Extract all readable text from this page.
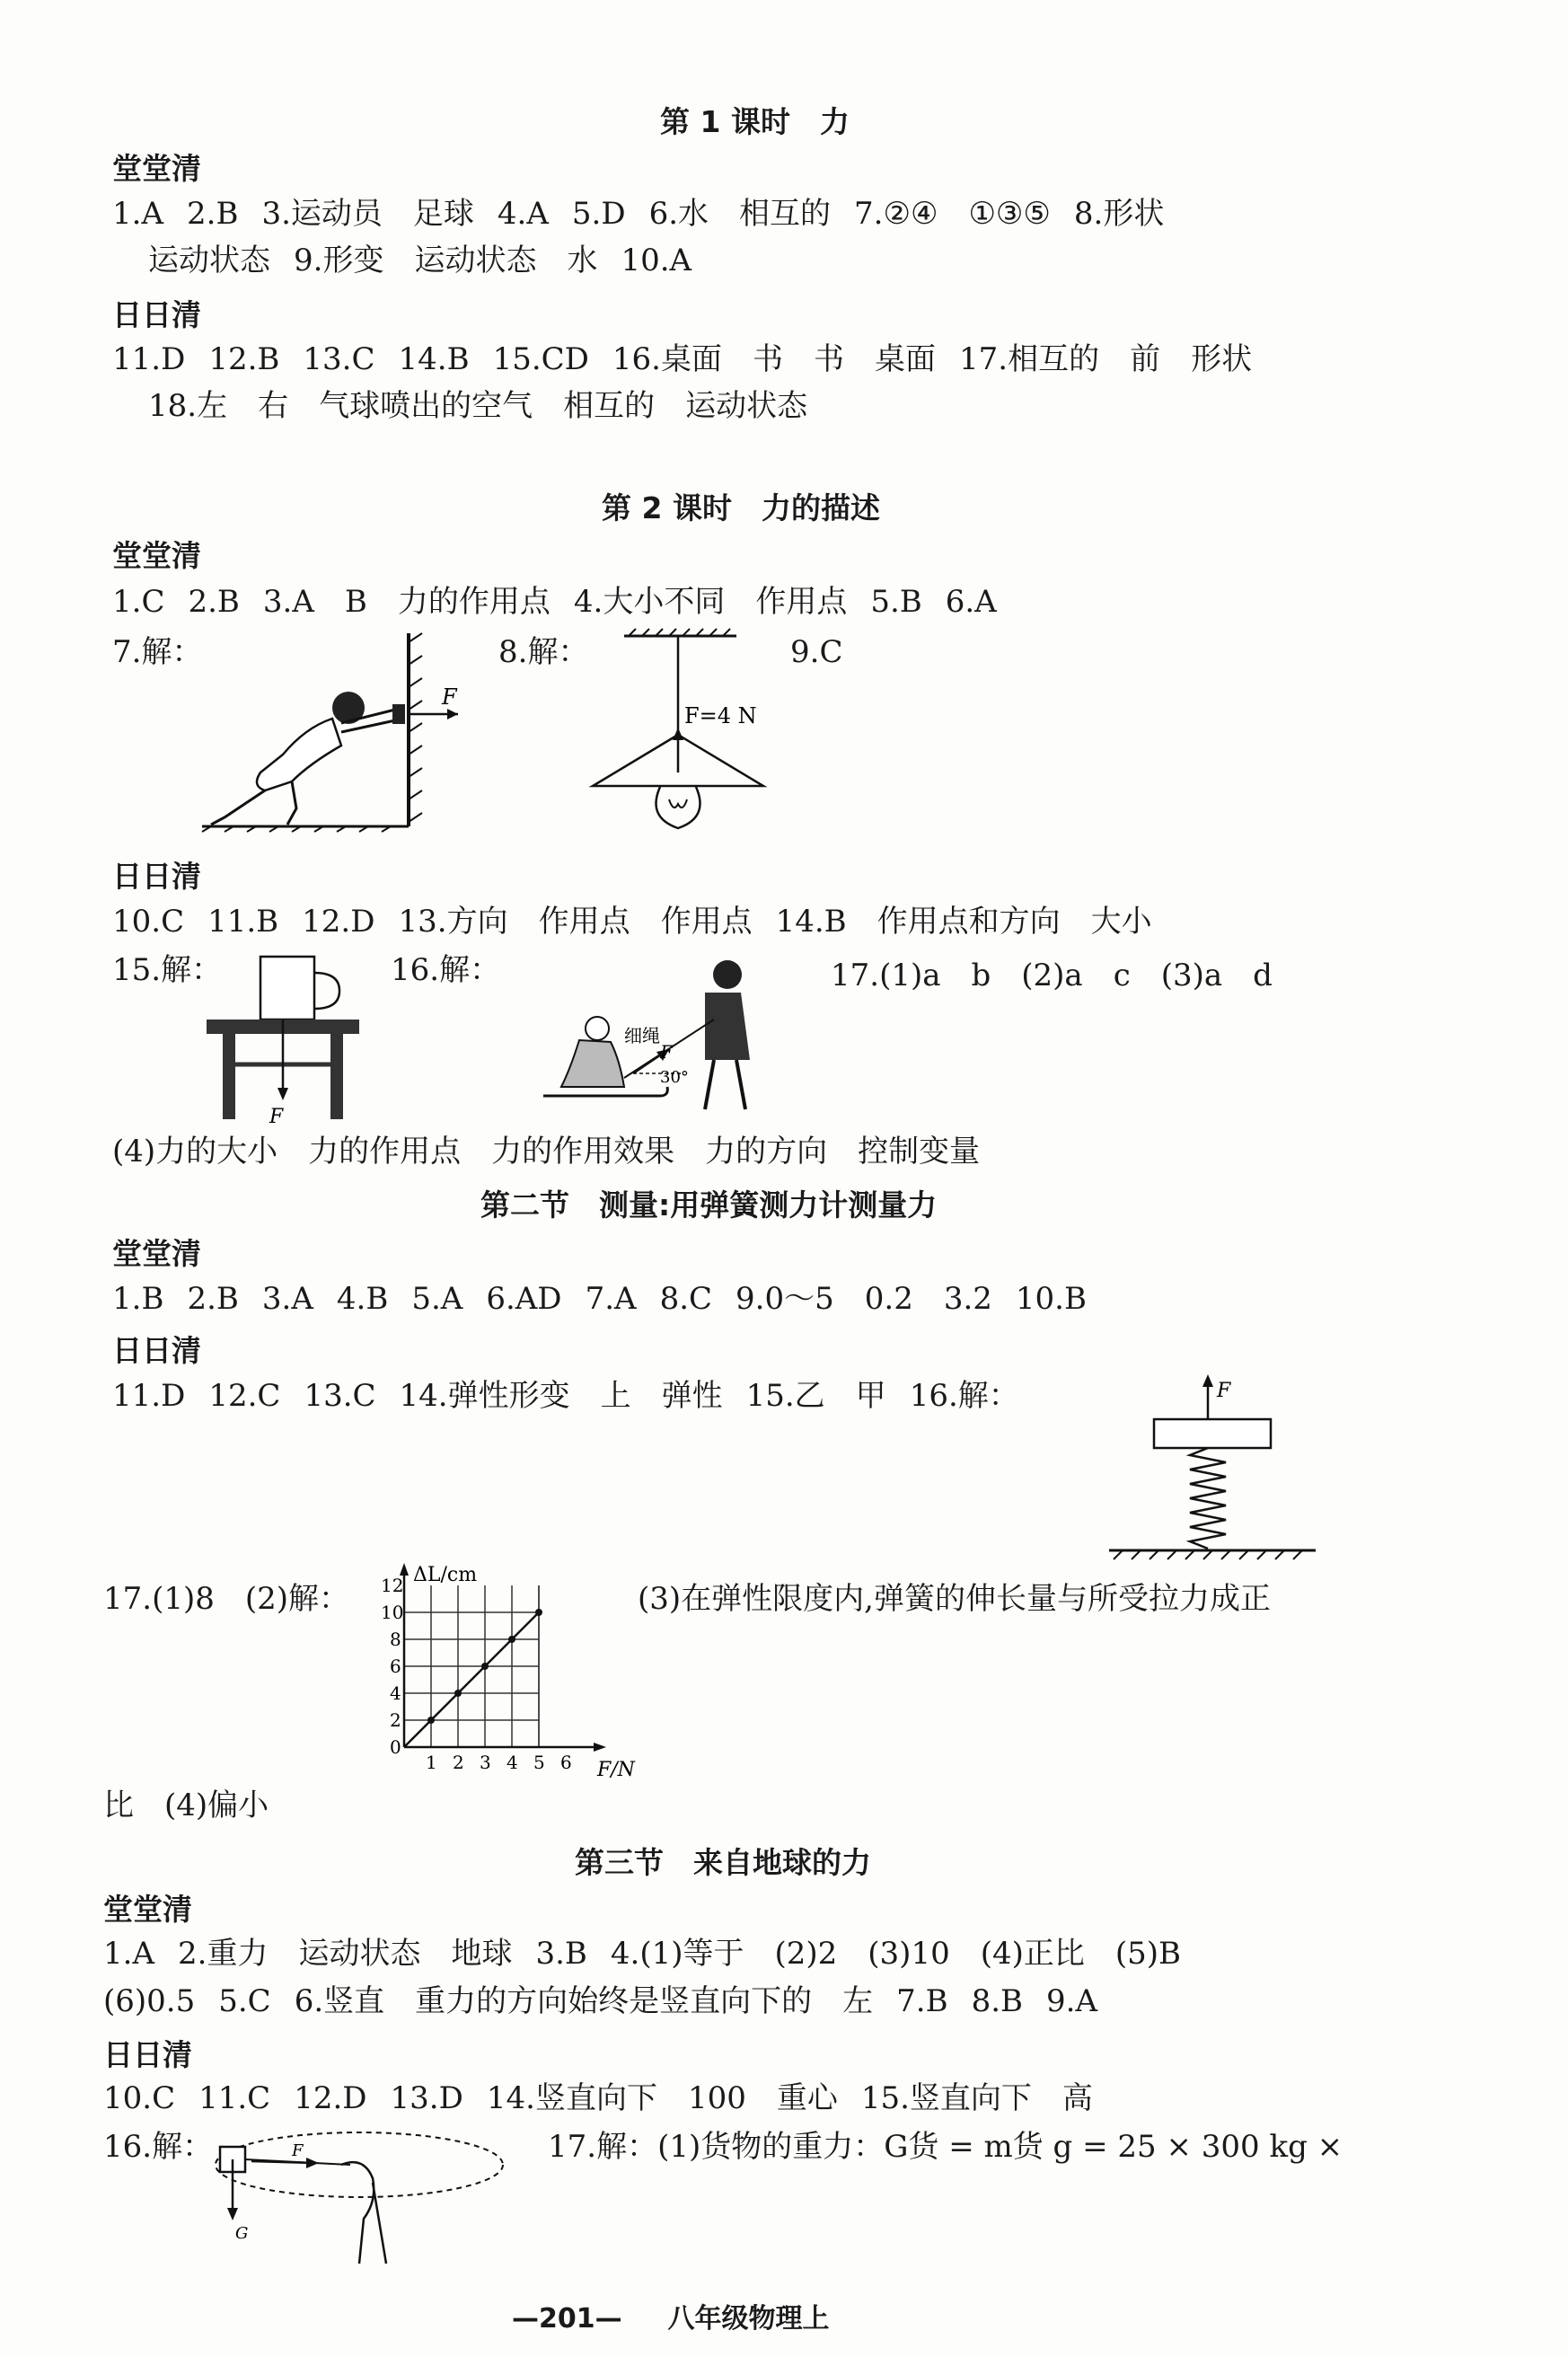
第 1 课时　力
堂堂清
1.A 2.B 3.运动员　足球 4.A 5.D 6.水　相互的 7.②④　①③⑤ 8.形状
运动状态 9.形变　运动状态　水 10.A
日日清
11.D 12.B 13.C 14.B 15.CD 16.桌面　书　书　桌面 17.相互的　前　形状
18.左　右　气球喷出的空气　相互的　运动状态
第 2 课时　力的描述
堂堂清
1.C 2.B 3.A　B　力的作用点 4.大小不同　作用点 5.B 6.A
7.解：	8.解：	9.C
F
F=4 N
日日清
10.C 11.B 12.D 13.方向　作用点　作用点 14.B　作用点和方向　大小
15.解：	16.解：	17.(1)a　b　(2)a　c　(3)a　d
F
细绳
F
30°
(4)力的大小　力的作用点　力的作用效果　力的方向　控制变量
第二节　测量:用弹簧测力计测量力
堂堂清
1.B 2.B 3.A 4.B 5.A 6.AD 7.A 8.C 9.0～5　0.2　3.2 10.B
日日清
11.D 12.C 13.C 14.弹性形变　上　弹性 15.乙　甲 16.解：	F
17.(1)8　(2)解：	(3)在弹性限度内,弹簧的伸长量与所受拉力成正
1 2 3 4 5 6
0
2
4
6
8
10
12
F/N
ΔL/cm
比　(4)偏小
第三节　来自地球的力
堂堂清
1.A 2.重力　运动状态　地球 3.B 4.(1)等于　(2)2　(3)10　(4)正比　(5)B
(6)0.5 5.C 6.竖直　重力的方向始终是竖直向下的　左 7.B 8.B 9.A
日日清
10.C 11.C 12.D 13.D 14.竖直向下　100　重心 15.竖直向下　高
16.解：	17.解：(1)货物的重力：G货 = m货 g = 25 × 300 kg ×
F
G
—201— 八年级物理上
